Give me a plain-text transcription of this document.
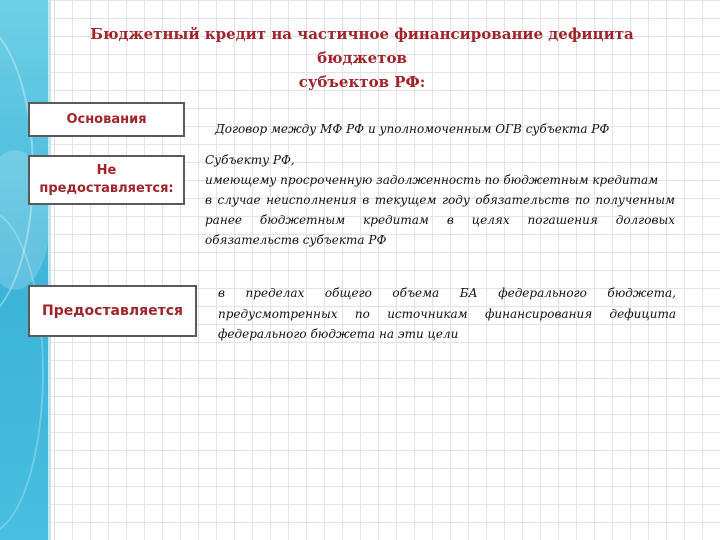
Бюджетный кредит на частичное финансирование дефицита бюджетов
субъектов РФ:
Основания
Договор между МФ РФ и уполномоченным ОГВ субъекта РФ
Не
предоставляется:

Субъекту РФ,

имеющему просроченную задолженность по бюджетным кредитам

в случае неисполнения в текущем году обязательств по полученным ранее бюджетным кредитам в целях погашения долговых обязательств субъекта РФ

Предоставляется
в пределах общего объема БА федерального бюджета, предусмотренных по источникам финансирования дефицита федерального бюджета на эти цели
